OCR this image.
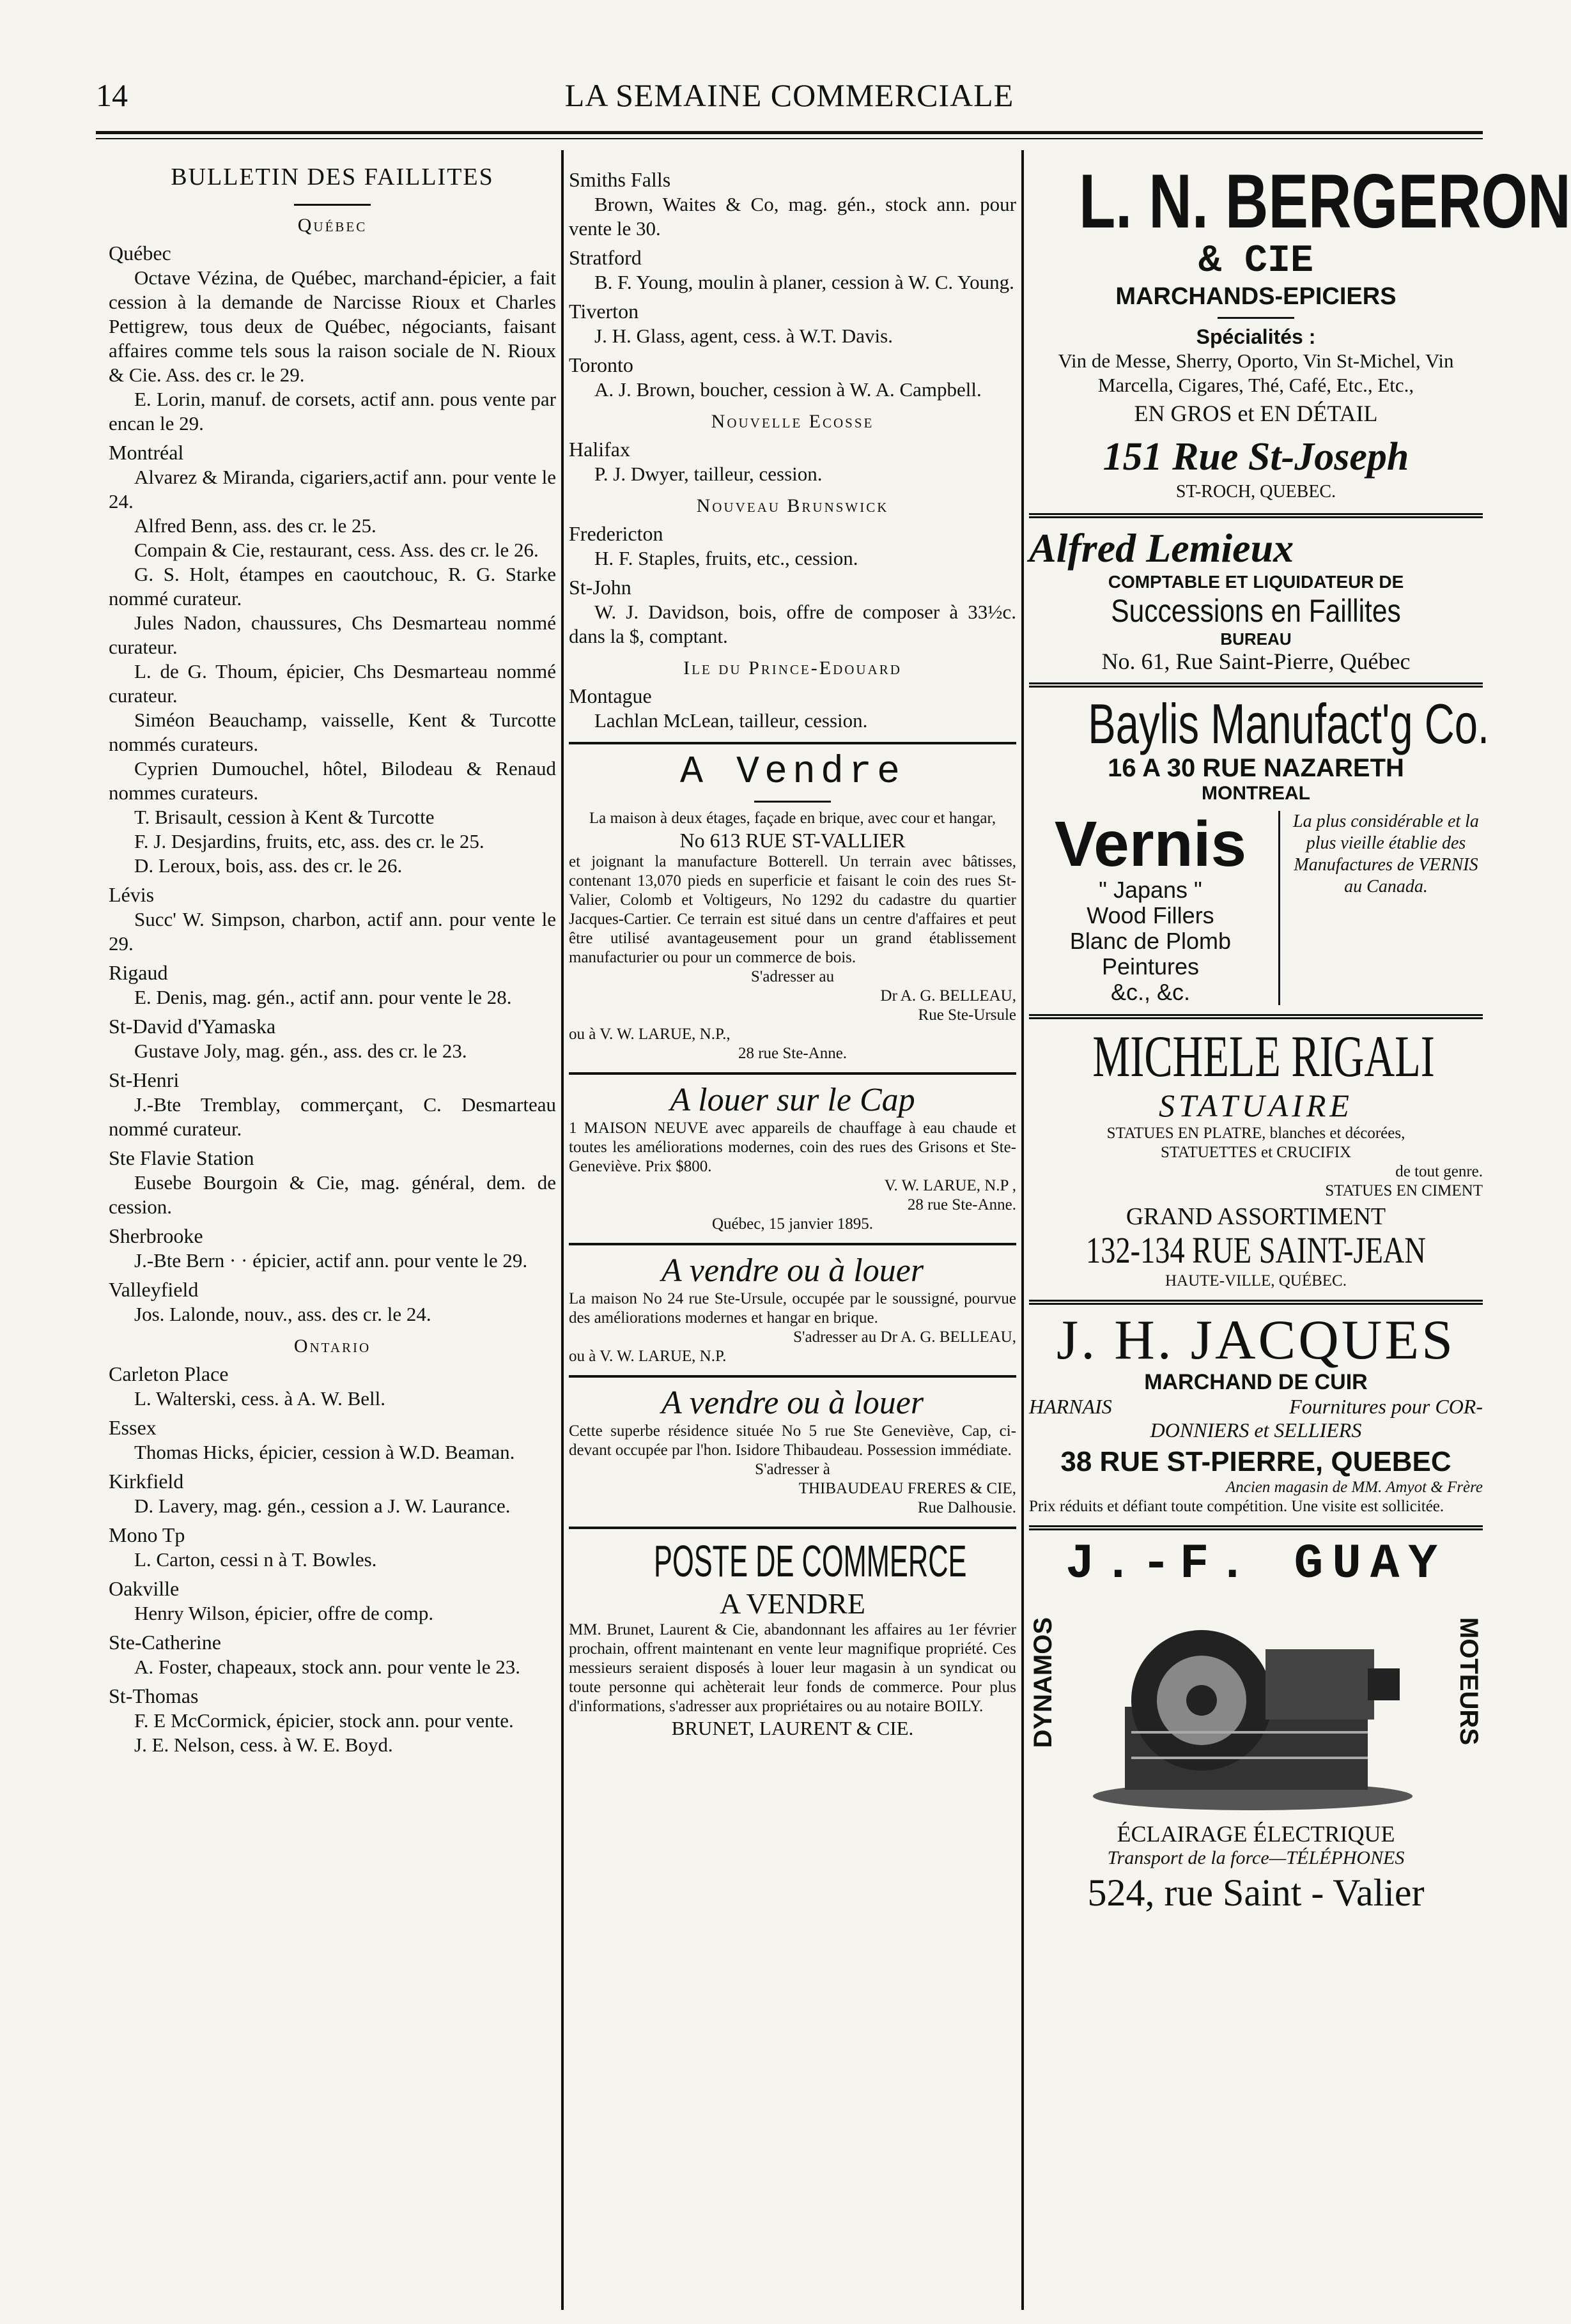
14	LA SEMAINE COMMERCIALE
BULLETIN DES FAILLITES
Québec

Québec

Octave Vézina, de Québec, marchand-épicier, a fait cession à la demande de Narcisse Rioux et Charles Pettigrew, tous deux de Québec, négociants, faisant affaires comme tels sous la raison sociale de N. Rioux & Cie. Ass. des cr. le 29.

E. Lorin, manuf. de corsets, actif ann. pous vente par encan le 29.

Montréal

Alvarez & Miranda, cigariers,actif ann. pour vente le 24.

Alfred Benn, ass. des cr. le 25.

Compain & Cie, restaurant, cess. Ass. des cr. le 26.

G. S. Holt, étampes en caoutchouc, R. G. Starke nommé curateur.

Jules Nadon, chaussures, Chs Desmarteau nommé curateur.

L. de G. Thoum, épicier, Chs Desmarteau nommé curateur.

Siméon Beauchamp, vaisselle, Kent & Turcotte nommés curateurs.

Cyprien Dumouchel, hôtel, Bilodeau & Renaud nommes curateurs.

T. Brisault, cession à Kent & Turcotte

F. J. Desjardins, fruits, etc, ass. des cr. le 25.

D. Leroux, bois, ass. des cr. le 26.

Lévis

Succ' W. Simpson, charbon, actif ann. pour vente le 29.

Rigaud

E. Denis, mag. gén., actif ann. pour vente le 28.

St-David d'Yamaska

Gustave Joly, mag. gén., ass. des cr. le 23.

St-Henri

J.-Bte Tremblay, commerçant, C. Desmarteau nommé curateur.

Ste Flavie Station

Eusebe Bourgoin & Cie, mag. général, dem. de cession.

Sherbrooke

J.-Bte Bern · · épicier, actif ann. pour vente le 29.

Valleyfield

Jos. Lalonde, nouv., ass. des cr. le 24.

Ontario

Carleton Place

L. Walterski, cess. à A. W. Bell.

Essex

Thomas Hicks, épicier, cession à W.D. Beaman.

Kirkfield

D. Lavery, mag. gén., cession a J. W. Laurance.

Mono Tp

L. Carton, cessi n à T. Bowles.

Oakville

Henry Wilson, épicier, offre de comp.

Ste-Catherine

A. Foster, chapeaux, stock ann. pour vente le 23.

St-Thomas

F. E McCormick, épicier, stock ann. pour vente.

J. E. Nelson, cess. à W. E. Boyd.

Smiths Falls

Brown, Waites & Co, mag. gén., stock ann. pour vente le 30.

Stratford

B. F. Young, moulin à planer, cession à W. C. Young.

Tiverton

J. H. Glass, agent, cess. à W.T. Davis.

Toronto

A. J. Brown, boucher, cession à W. A. Campbell.

Nouvelle Ecosse

Halifax

P. J. Dwyer, tailleur, cession.

Nouveau Brunswick

Fredericton

H. F. Staples, fruits, etc., cession.

St-John

W. J. Davidson, bois, offre de composer à 33½c. dans la $, comptant.

Ile du Prince-Edouard

Montague

Lachlan McLean, tailleur, cession.

A Vendre

La maison à deux étages, façade en brique, avec cour et hangar,

No 613 RUE ST-VALLIER

et joignant la manufacture Botterell. Un terrain avec bâtisses, contenant 13,070 pieds en superficie et faisant le coin des rues St-Valier, Colomb et Voltigeurs, No 1292 du cadastre du quartier Jacques-Cartier. Ce terrain est situé dans un centre d'affaires et peut être utilisé avantageusement pour un grand établissement manufacturier ou pour un commerce de bois.

S'adresser au

Dr A. G. BELLEAU,

Rue Ste-Ursule

ou à V. W. LARUE, N.P.,

28 rue Ste-Anne.

A louer sur le Cap

1 MAISON NEUVE avec appareils de chauffage à eau chaude et toutes les améliorations modernes, coin des rues des Grisons et Ste-Geneviève. Prix $800.

V. W. LARUE, N.P ,

28 rue Ste-Anne.

Québec, 15 janvier 1895.

A vendre ou à louer

La maison No 24 rue Ste-Ursule, occupée par le soussigné, pourvue des améliorations modernes et hangar en brique.

S'adresser au Dr A. G. BELLEAU,

ou à V. W. LARUE, N.P.

A vendre ou à louer

Cette superbe résidence située No 5 rue Ste Geneviève, Cap, ci-devant occupée par l'hon. Isidore Thibaudeau. Possession immédiate.

S'adresser à

THIBAUDEAU FRERES & CIE,

Rue Dalhousie.

POSTE DE COMMERCE
A VENDRE

MM. Brunet, Laurent & Cie, abandonnant les affaires au 1er février prochain, offrent maintenant en vente leur magnifique propriété. Ces messieurs seraient disposés à louer leur magasin à un syndicat ou toute personne qui achèterait leur fonds de commerce. Pour plus d'informations, s'adresser aux propriétaires ou au notaire BOILY.

BRUNET, LAURENT & CIE.

L. N. BERGERON
& CIE
MARCHANDS-EPICIERS
Spécialités :

Vin de Messe, Sherry, Oporto, Vin St-Michel, Vin Marcella, Cigares, Thé, Café, Etc., Etc.,

EN GROS et EN DÉTAIL

151 Rue St-Joseph

ST-ROCH, QUEBEC.

Alfred Lemieux
COMPTABLE ET LIQUIDATEUR DE
Successions en Faillites
BUREAU

No. 61, Rue Saint-Pierre, Québec

Baylis Manufact'g Co.
16 A 30 RUE NAZARETH
MONTREAL
Vernis
" Japans "
Wood Fillers
Blanc de Plomb
Peintures
&c., &c.
La plus considérable et la plus vieille établie des Manufactures de VERNIS au Canada.
MICHELE RIGALI
STATUAIRE

STATUES EN PLATRE, blanches et décorées,

STATUETTES et CRUCIFIX

de tout genre.

STATUES EN CIMENT

GRAND ASSORTIMENT

132-134 RUE SAINT-JEAN

HAUTE-VILLE, QUÉBEC.

J. H. JACQUES
MARCHAND DE CUIR
HARNAIS	Fournitures pour COR-
DONNIERS et SELLIERS
38 RUE ST-PIERRE, QUEBEC

Ancien magasin de MM. Amyot & Frère

Prix réduits et défiant toute compétition. Une visite est sollicitée.

J.-F. GUAY
DYNAMOS	MOTEURS

ÉCLAIRAGE ÉLECTRIQUE

Transport de la force—TÉLÉPHONES

524, rue Saint - Valier
